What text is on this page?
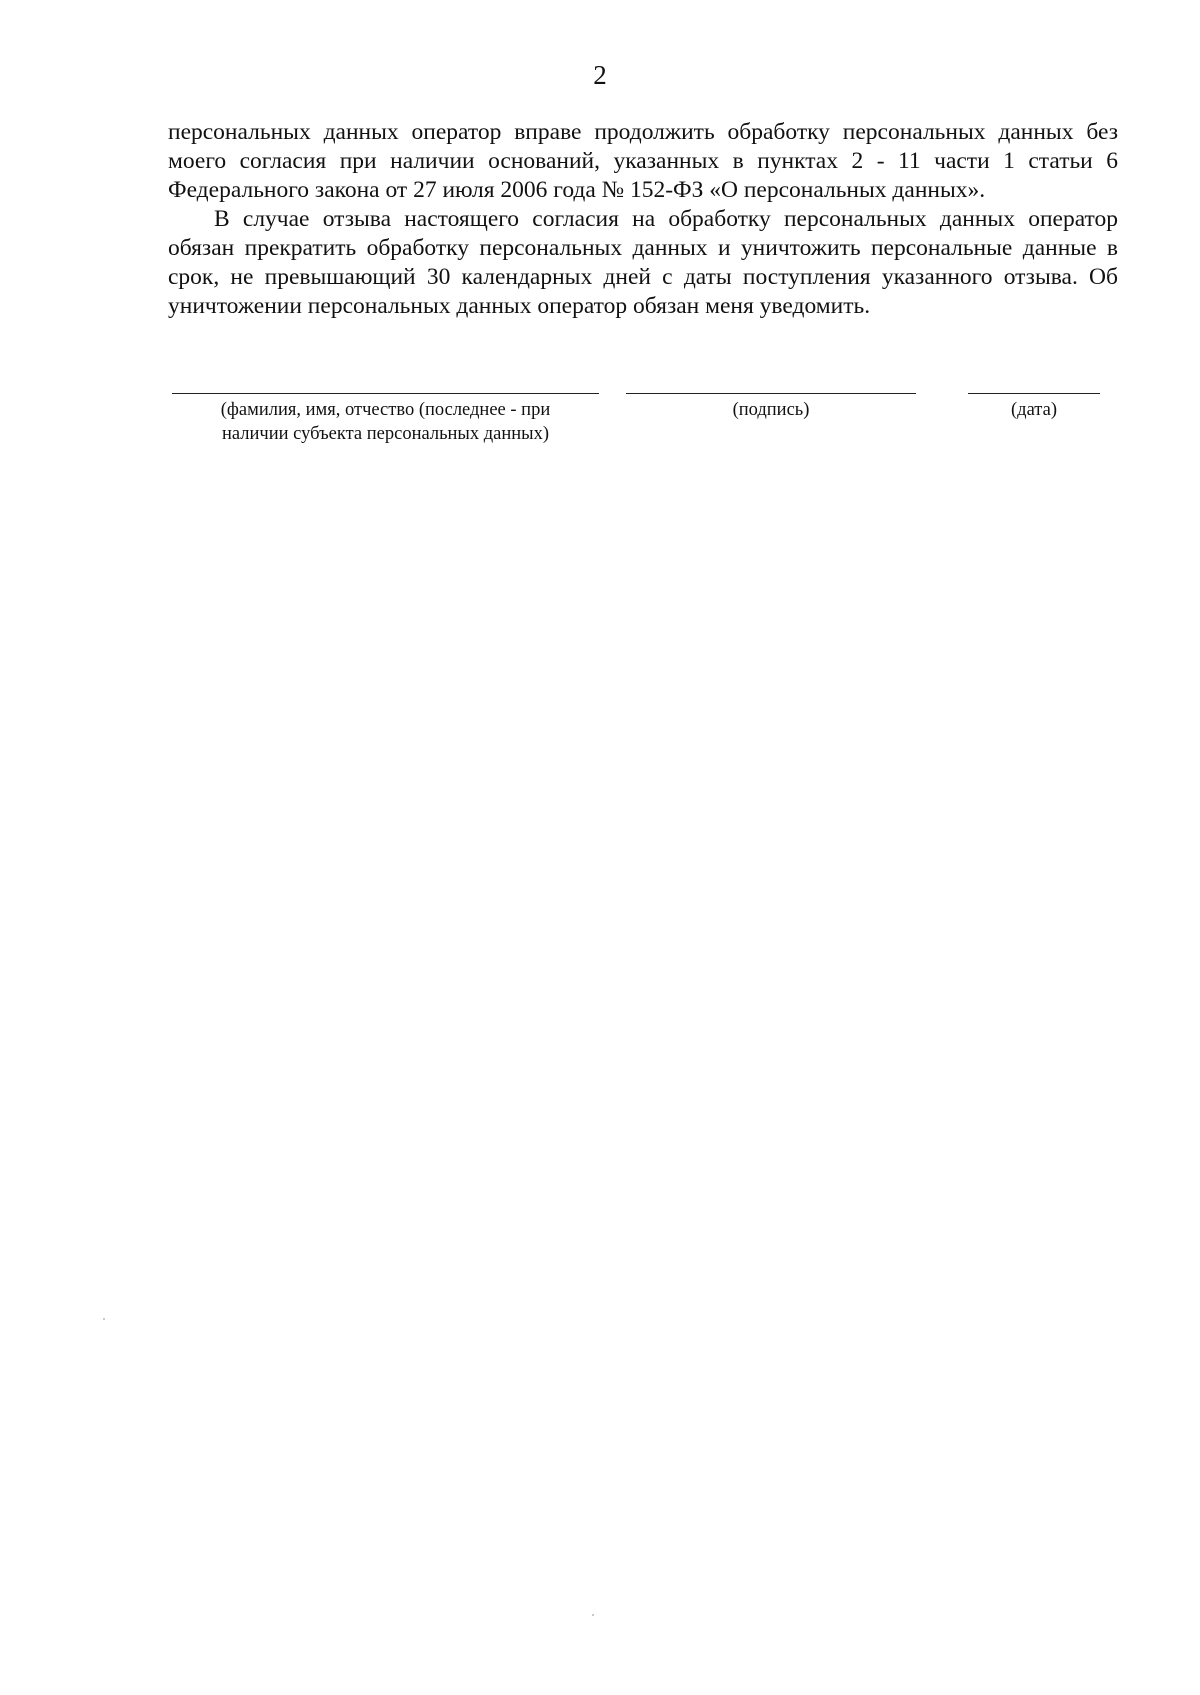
2

персональных данных оператор вправе продолжить обработку персональных данных без моего согласия при наличии оснований, указанных в пунктах 2 - 11 части 1 статьи 6 Федерального закона от 27 июля 2006 года № 152-ФЗ «О персональных данных».

В случае отзыва настоящего согласия на обработку персональных данных оператор обязан прекратить обработку персональных данных и уничтожить персональные данные в срок, не превышающий 30 календарных дней с даты поступления указанного отзыва. Об уничтожении персональных данных оператор обязан меня уведомить.

(фамилия, имя, отчество (последнее - при
наличии субъекта персональных данных)
(подпись)	(дата)
